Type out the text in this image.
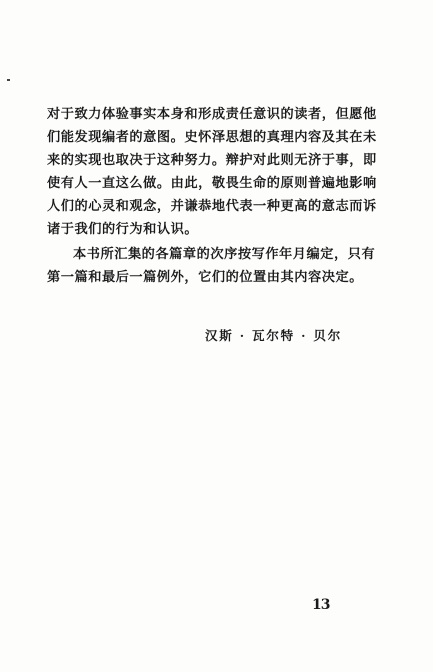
对于致力体验事实本身和形成责任意识的读者，但愿他
们能发现编者的意图。史怀泽思想的真理内容及其在未
来的实现也取决于这种努力。辩护对此则无济于事，即
使有人一直这么做。由此，敬畏生命的原则普遍地影响
人们的心灵和观念，并谦恭地代表一种更高的意志而诉
诸于我们的行为和认识。

本书所汇集的各篇章的次序按写作年月编定，只有
第一篇和最后一篇例外，它们的位置由其内容决定。

汉斯 · 瓦尔特 · 贝尔
13
